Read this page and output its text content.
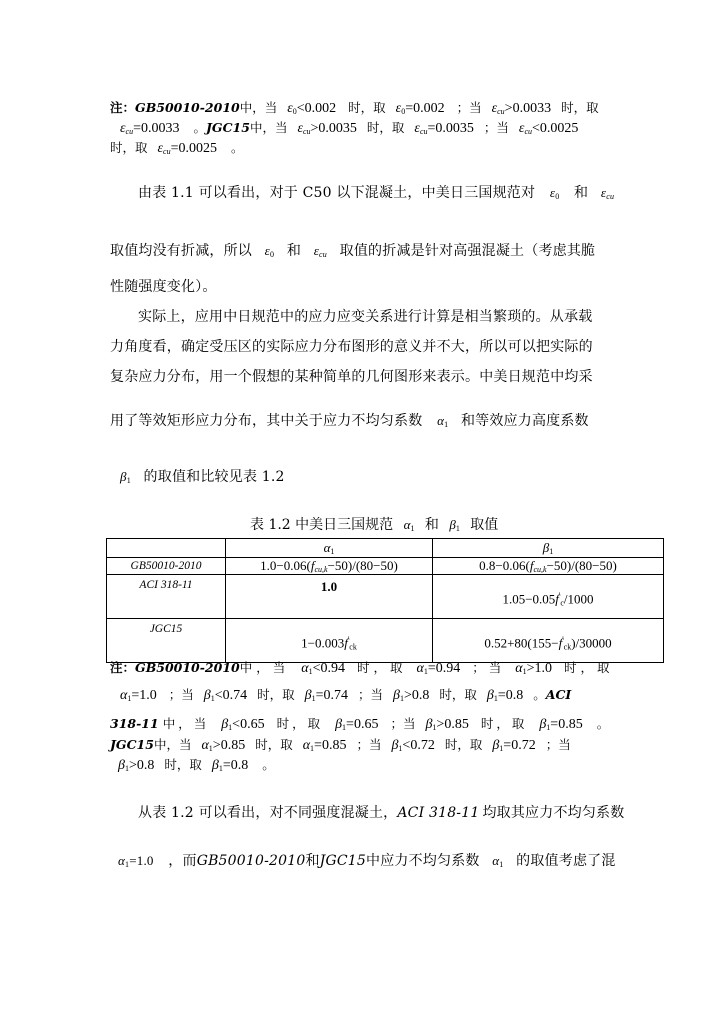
注：GB50010-2010中，当 $\varepsilon_0<0.002$ 时，取 $\varepsilon_0=0.002$ ；当 $\varepsilon_{cu}>0.0033$ 时，取
$\varepsilon_{cu}=0.0033$ 。JGC15中，当 $\varepsilon_{cu}>0.0035$ 时，取 $\varepsilon_{cu}=0.0035$ ；当 $\varepsilon_{cu}<0.0025$
时，取 $\varepsilon_{cu}=0.0025$ 。
由表 1.1 可以看出，对于 C50 以下混凝土，中美日三国规范对 $\varepsilon_0$ 和 $\varepsilon_{cu}$
取值均没有折减，所以 $\varepsilon_0$ 和 $\varepsilon_{cu}$ 取值的折减是针对高强混凝土（考虑其脆
性随强度变化）。
实际上，应用中日规范中的应力应变关系进行计算是相当繁琐的。从承载
力角度看，确定受压区的实际应力分布图形的意义并不大，所以可以把实际的
复杂应力分布，用一个假想的某种简单的几何图形来表示。中美日规范中均采
用了等效矩形应力分布，其中关于应力不均匀系数 $\alpha_1$ 和等效应力高度系数
$\beta_1$ 的取值和比较见表 1.2
表 1.2 中美日三国规范 $\alpha_1$ 和 $\beta_1$ 取值
	$\alpha_1$	$\beta_1$
GB50010-2010	$1.0-0.06(f_{cu,k}-50)/(80-50)$	$0.8-0.06(f_{cu,k}-50)/(80-50)$
ACI 318-11	1.0	$1.05-0.05f'_c/1000$
JGC15	$1-0.003f'_{ck}$	$0.52+80(155-f'_{ck})/30000$
注：GB50010-2010中，当 $\alpha_1<0.94$ 时，取 $\alpha_1=0.94$ ；当 $\alpha_1>1.0$ 时，取
$\alpha_1=1.0$ ；当 $\beta_1<0.74$ 时，取 $\beta_1=0.74$ ；当 $\beta_1>0.8$ 时，取 $\beta_1=0.8$ 。ACI
318-11 中，当 $\beta_1<0.65$ 时，取 $\beta_1=0.65$ ；当 $\beta_1>0.85$ 时，取 $\beta_1=0.85$ 。
JGC15中，当 $\alpha_1>0.85$ 时，取 $\alpha_1=0.85$ ；当 $\beta_1<0.72$ 时，取 $\beta_1=0.72$ ；当
$\beta_1>0.8$ 时，取 $\beta_1=0.8$ 。
从表 1.2 可以看出，对不同强度混凝土，ACI 318-11 均取其应力不均匀系数
$\alpha_1=1.0$ ，而GB50010-2010和JGC15中应力不均匀系数 $\alpha_1$ 的取值考虑了混
